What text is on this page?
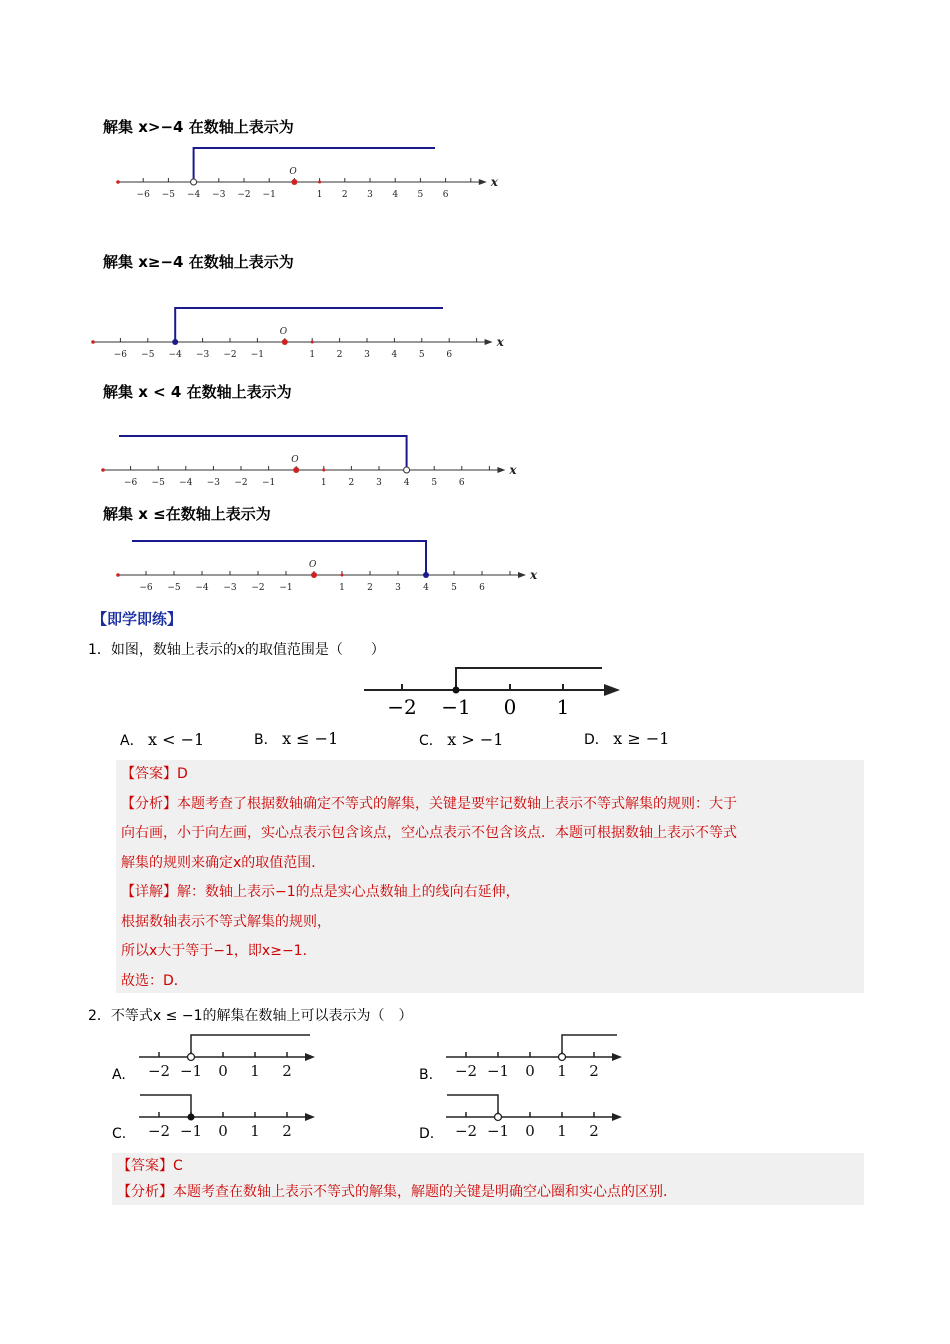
解集 x>−4 在数轴上表示为
解集 x≥−4 在数轴上表示为
解集 x < 4 在数轴上表示为
解集 x ≤在数轴上表示为
−6 −5 −4 −3 −2 −1	1 2 3 4 5 6
O
x
−6 −5 −4 −3 −2 −1	1 2 3 4 5 6
O
x
−6 −5 −4 −3 −2 −1	1 2 3 4 5 6
O
x
−6 −5 −4 −3 −2 −1	1 2 3 4 5 6
O
x
【即学即练】
1．如图，数轴上表示的x的取值范围是（　　）
−2 −1 0 1
A． x < −1	B． x ≤ −1	C． x > −1	D． x ≥ −1
【答案】D
【分析】本题考查了根据数轴确定不等式的解集，关键是要牢记数轴上表示不等式解集的规则：大于
向右画，小于向左画，实心点表示包含该点，空心点表示不包含该点．本题可根据数轴上表示不等式
解集的规则来确定x的取值范围．
【详解】解：数轴上表示−1的点是实心点数轴上的线向右延伸，
根据数轴表示不等式解集的规则，
所以x大于等于−1，即x≥−1．
故选：D．
2．不等式x ≤ −1的解集在数轴上可以表示为（　）
A.	B.
C.	D.
−2 −1 0 1 2	−2 −1 0 1 2
−2 −1 0 1 2	−2 −1 0 1 2
【答案】C
【分析】本题考查在数轴上表示不等式的解集，解题的关键是明确空心圈和实心点的区别．
